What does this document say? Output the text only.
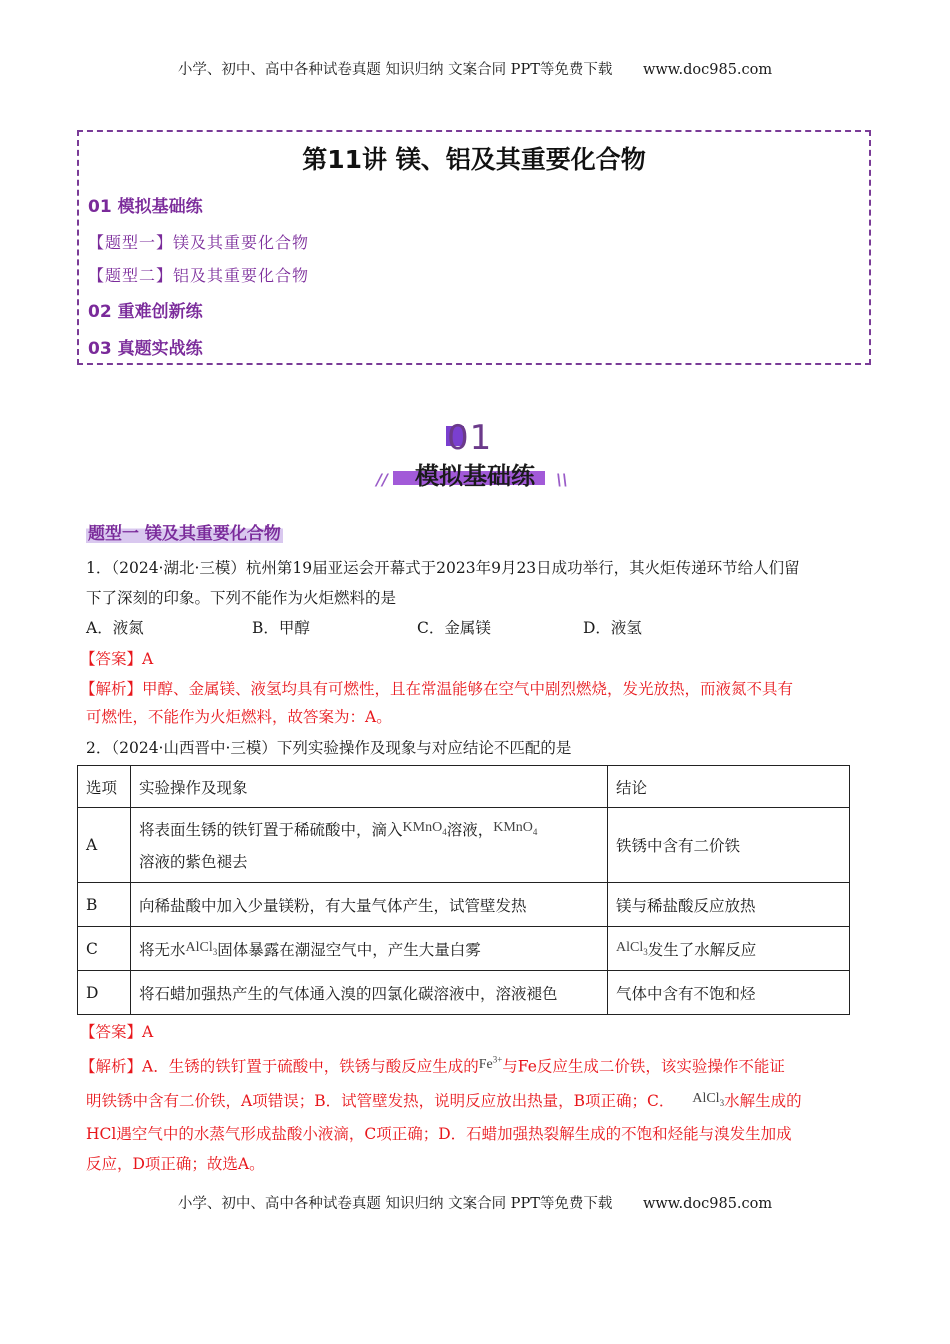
小学、初中、高中各种试卷真题 知识归纳 文案合同 PPT等免费下载 www.doc985.com
第11讲 镁、铝及其重要化合物
01 模拟基础练
【题型一】镁及其重要化合物
【题型二】铝及其重要化合物
02 重难创新练
03 真题实战练
01
//	模拟基础练	\\
题型一 镁及其重要化合物
1．（2024·湖北·三模）杭州第19届亚运会开幕式于2023年9月23日成功举行，其火炬传递环节给人们留
下了深刻的印象。下列不能作为火炬燃料的是
A．液氮	B．甲醇	C．金属镁	D．液氢
【答案】A
【解析】甲醇、金属镁、液氢均具有可燃性，且在常温能够在空气中剧烈燃烧，发光放热，而液氮不具有
可燃性，不能作为火炬燃料，故答案为：A。
2．（2024·山西晋中·三模）下列实验操作及现象与对应结论不匹配的是
选项	实验操作及现象	结论
A	将表面生锈的铁钉置于稀硫酸中，滴入KMnO$_4$溶液，KMnO$_4$
溶液的紫色褪去	铁锈中含有二价铁
B	向稀盐酸中加入少量镁粉，有大量气体产生，试管壁发热	镁与稀盐酸反应放热
C	将无水AlCl$_3$固体暴露在潮湿空气中，产生大量白雾	AlCl$_3$发生了水解反应
D	将石蜡加强热产生的气体通入溴的四氯化碳溶液中，溶液褪色	气体中含有不饱和烃
【答案】A
【解析】A．生锈的铁钉置于硫酸中，铁锈与酸反应生成的$Fe^{3+}$与Fe反应生成二价铁，该实验操作不能证
明铁锈中含有二价铁，A项错误；B．试管壁发热，说明反应放出热量，B项正确；C． AlCl$_3$水解生成的
HCl遇空气中的水蒸气形成盐酸小液滴，C项正确；D．石蜡加强热裂解生成的不饱和烃能与溴发生加成
反应，D项正确；故选A。
小学、初中、高中各种试卷真题 知识归纳 文案合同 PPT等免费下载 www.doc985.com
